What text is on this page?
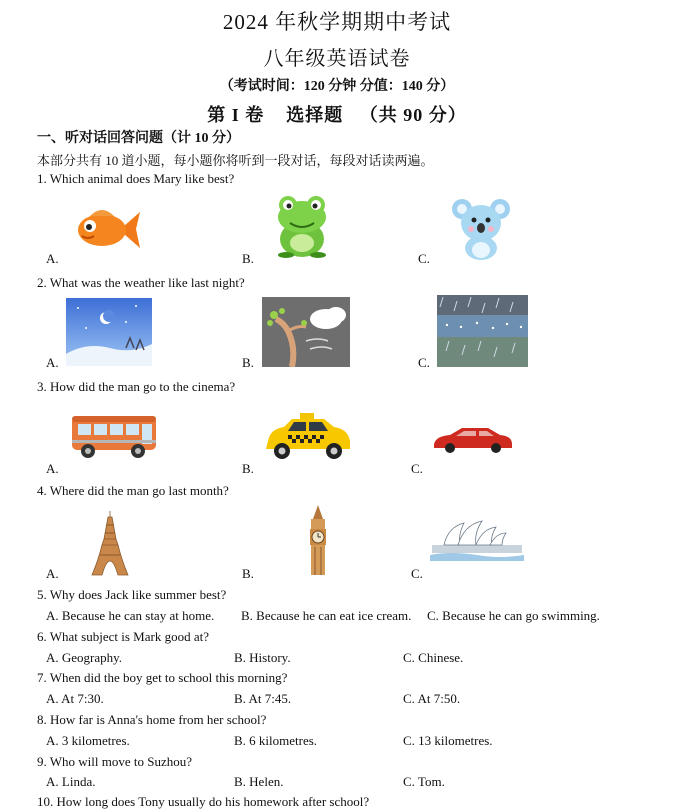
2024 年秋学期期中考试
八年级英语试卷
（考试时间：120 分钟 分值：140 分）
第 I 卷    选择题   （共 90 分）
一、听对话回答问题（计 10 分）
本部分共有 10 道小题，每小题你将听到一段对话，每段对话读两遍。
1. Which animal does Mary like best?
A.	B.	C.
2. What was the weather like last night?
A.	B.	C.
3. How did the man go to the cinema?
A.	B.	C.
4. Where did the man go last month?
A.	B.	C.
5. Why does Jack like summer best?
A. Because he can stay at home. B. Because he can eat ice cream. C. Because he can go swimming.
6. What subject is Mark good at?
A. Geography.	B. History.	C. Chinese.
7. When did the boy get to school this morning?
A. At 7:30.	B. At 7:45.	C. At 7:50.
8. How far is Anna's home from her school?
A. 3 kilometres.	B. 6 kilometres.	C. 13 kilometres.
9. Who will move to Suzhou?
A. Linda.	B. Helen.	C. Tom.
10. How long does Tony usually do his homework after school?
